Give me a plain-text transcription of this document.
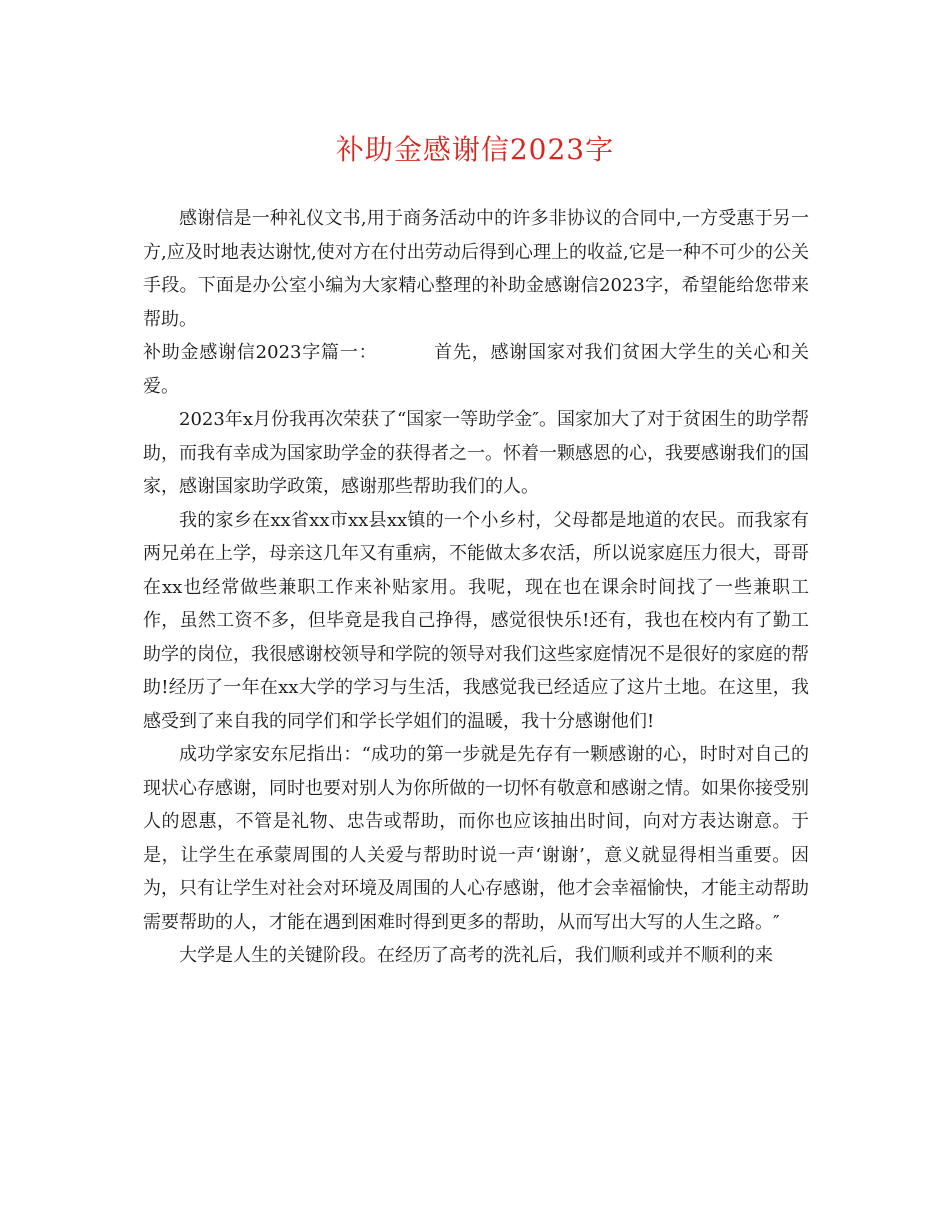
补助金感谢信2023字

感谢信是一种礼仪文书,用于商务活动中的许多非协议的合同中,一方受惠于另一方,应及时地表达谢忱,使对方在付出劳动后得到心理上的收益,它是一种不可少的公关手段。下面是办公室小编为大家精心整理的补助金感谢信2023字，希望能给您带来帮助。

补助金感谢信2023字篇一：	首先，感谢国家对我们贫困大学生的关心和关爱。

2023年x月份我再次荣获了“国家一等助学金″。国家加大了对于贫困生的助学帮助，而我有幸成为国家助学金的获得者之一。怀着一颗感恩的心，我要感谢我们的国家，感谢国家助学政策，感谢那些帮助我们的人。

我的家乡在xx省xx市xx县xx镇的一个小乡村，父母都是地道的农民。而我家有两兄弟在上学，母亲这几年又有重病，不能做太多农活，所以说家庭压力很大，哥哥在xx也经常做些兼职工作来补贴家用。我呢，现在也在课余时间找了一些兼职工作，虽然工资不多，但毕竟是我自己挣得，感觉很快乐!还有，我也在校内有了勤工助学的岗位，我很感谢校领导和学院的领导对我们这些家庭情况不是很好的家庭的帮助!经历了一年在xx大学的学习与生活，我感觉我已经适应了这片土地。在这里，我感受到了来自我的同学们和学长学姐们的温暖，我十分感谢他们!

成功学家安东尼指出：“成功的第一步就是先存有一颗感谢的心，时时对自己的现状心存感谢，同时也要对别人为你所做的一切怀有敬意和感谢之情。如果你接受别人的恩惠，不管是礼物、忠告或帮助，而你也应该抽出时间，向对方表达谢意。于是，让学生在承蒙周围的人关爱与帮助时说一声‘谢谢’，意义就显得相当重要。因为，只有让学生对社会对环境及周围的人心存感谢，他才会幸福愉快，才能主动帮助需要帮助的人，才能在遇到困难时得到更多的帮助，从而写出大写的人生之路。″

大学是人生的关键阶段。在经历了高考的洗礼后，我们顺利或并不顺利的来
